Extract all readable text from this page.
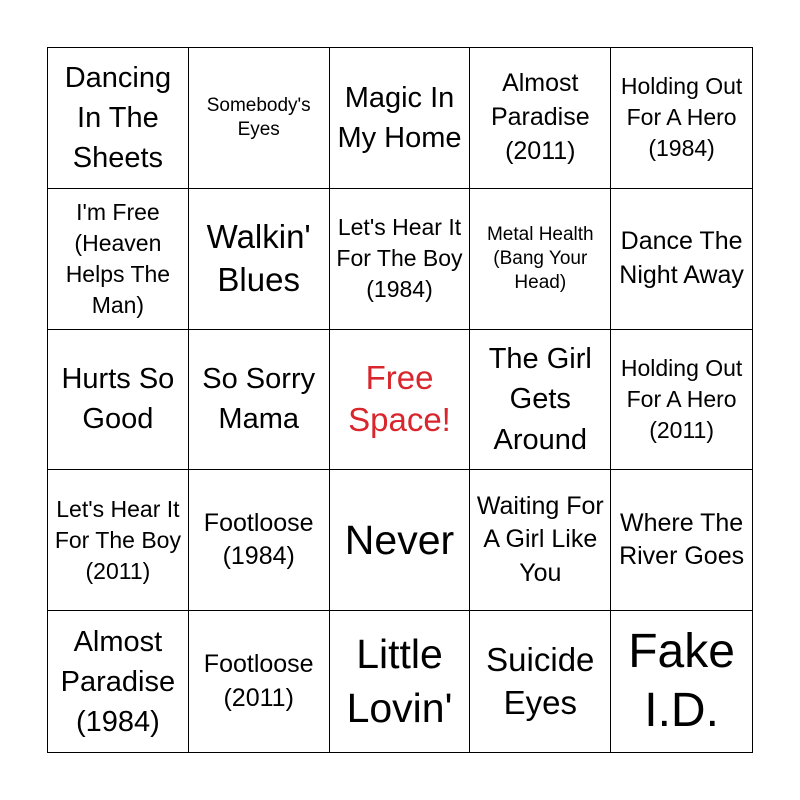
Dancing In The Sheets
Somebody's Eyes
Magic In My Home
Almost Paradise (2011)
Holding Out For A Hero (1984)
I'm Free (Heaven Helps The Man)
Walkin' Blues
Let's Hear It For The Boy (1984)
Metal Health (Bang Your Head)
Dance The Night Away
Hurts So Good
So Sorry Mama
Free Space!
The Girl Gets Around
Holding Out For A Hero (2011)
Let's Hear It For The Boy (2011)
Footloose (1984)	Never
Waiting For A Girl Like You
Where The River Goes
Almost Paradise (1984)
Footloose (2011)
Little Lovin'
Suicide Eyes
Fake I.D.
